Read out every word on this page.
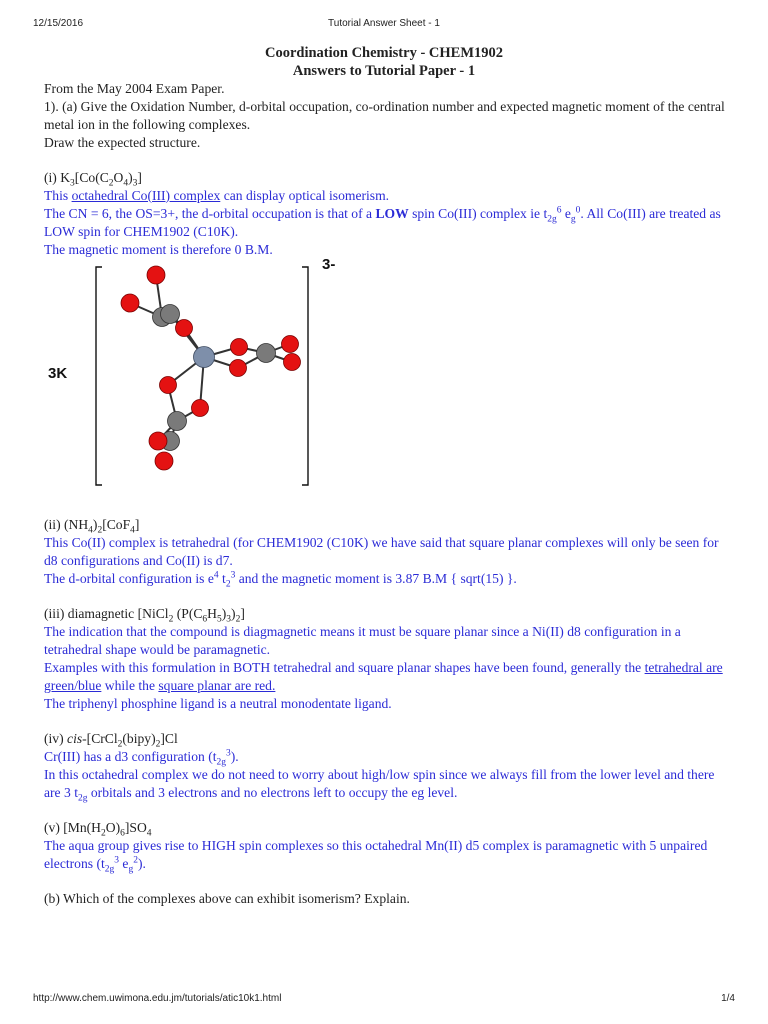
12/15/2016	Tutorial Answer Sheet - 1
Coordination Chemistry - CHEM1902
Answers to Tutorial Paper - 1

From the May 2004 Exam Paper.

1). (a) Give the Oxidation Number, d-orbital occupation, co-ordination number and expected magnetic moment of the central metal ion in the following complexes.

Draw the expected structure.

(i) $K_3[Co(C_2O_4)_3]$

This octahedral Co(III) complex can display optical isomerism.

The CN = 6, the OS=3+, the d-orbital occupation is that of a LOW spin Co(III) complex ie $t_{2g}^6$ $e_g^0$. All Co(III) are treated as LOW spin for CHEM1902 (C10K).

The magnetic moment is therefore 0 B.M.

3K
3-

(ii) $(NH_4)_2[CoF_4]$

This Co(II) complex is tetrahedral (for CHEM1902 (C10K) we have said that square planar complexes will only be seen for d8 configurations and Co(II) is d7.

The d-orbital configuration is $e^4$ $t_2^3$ and the magnetic moment is 3.87 B.M { sqrt(15) }.

(iii) diamagnetic [NiCl$_2$ $(P(C_6H_5)_3)_2$]

The indication that the compound is diagmagnetic means it must be square planar since a Ni(II) d8 configuration in a tetrahedral shape would be paramagnetic.

Examples with this formulation in BOTH tetrahedral and square planar shapes have been found, generally the tetrahedral are green/blue while the square planar are red.

The triphenyl phosphine ligand is a neutral monodentate ligand.

(iv) cis-$[CrCl_2(bipy)_2]Cl$

Cr(III) has a d3 configuration $(t_{2g}^3)$.

In this octahedral complex we do not need to worry about high/low spin since we always fill from the lower level and there are 3 $t_{2g}$ orbitals and 3 electrons and no electrons left to occupy the eg level.

(v) $[Mn(H_2O)_6]SO_4$

The aqua group gives rise to HIGH spin complexes so this octahedral Mn(II) d5 complex is paramagnetic with 5 unpaired electrons ($t_{2g}^3$ $e_g^2$).

(b) Which of the complexes above can exhibit isomerism? Explain.

http://www.chem.uwimona.edu.jm/tutorials/atic10k1.html	1/4
